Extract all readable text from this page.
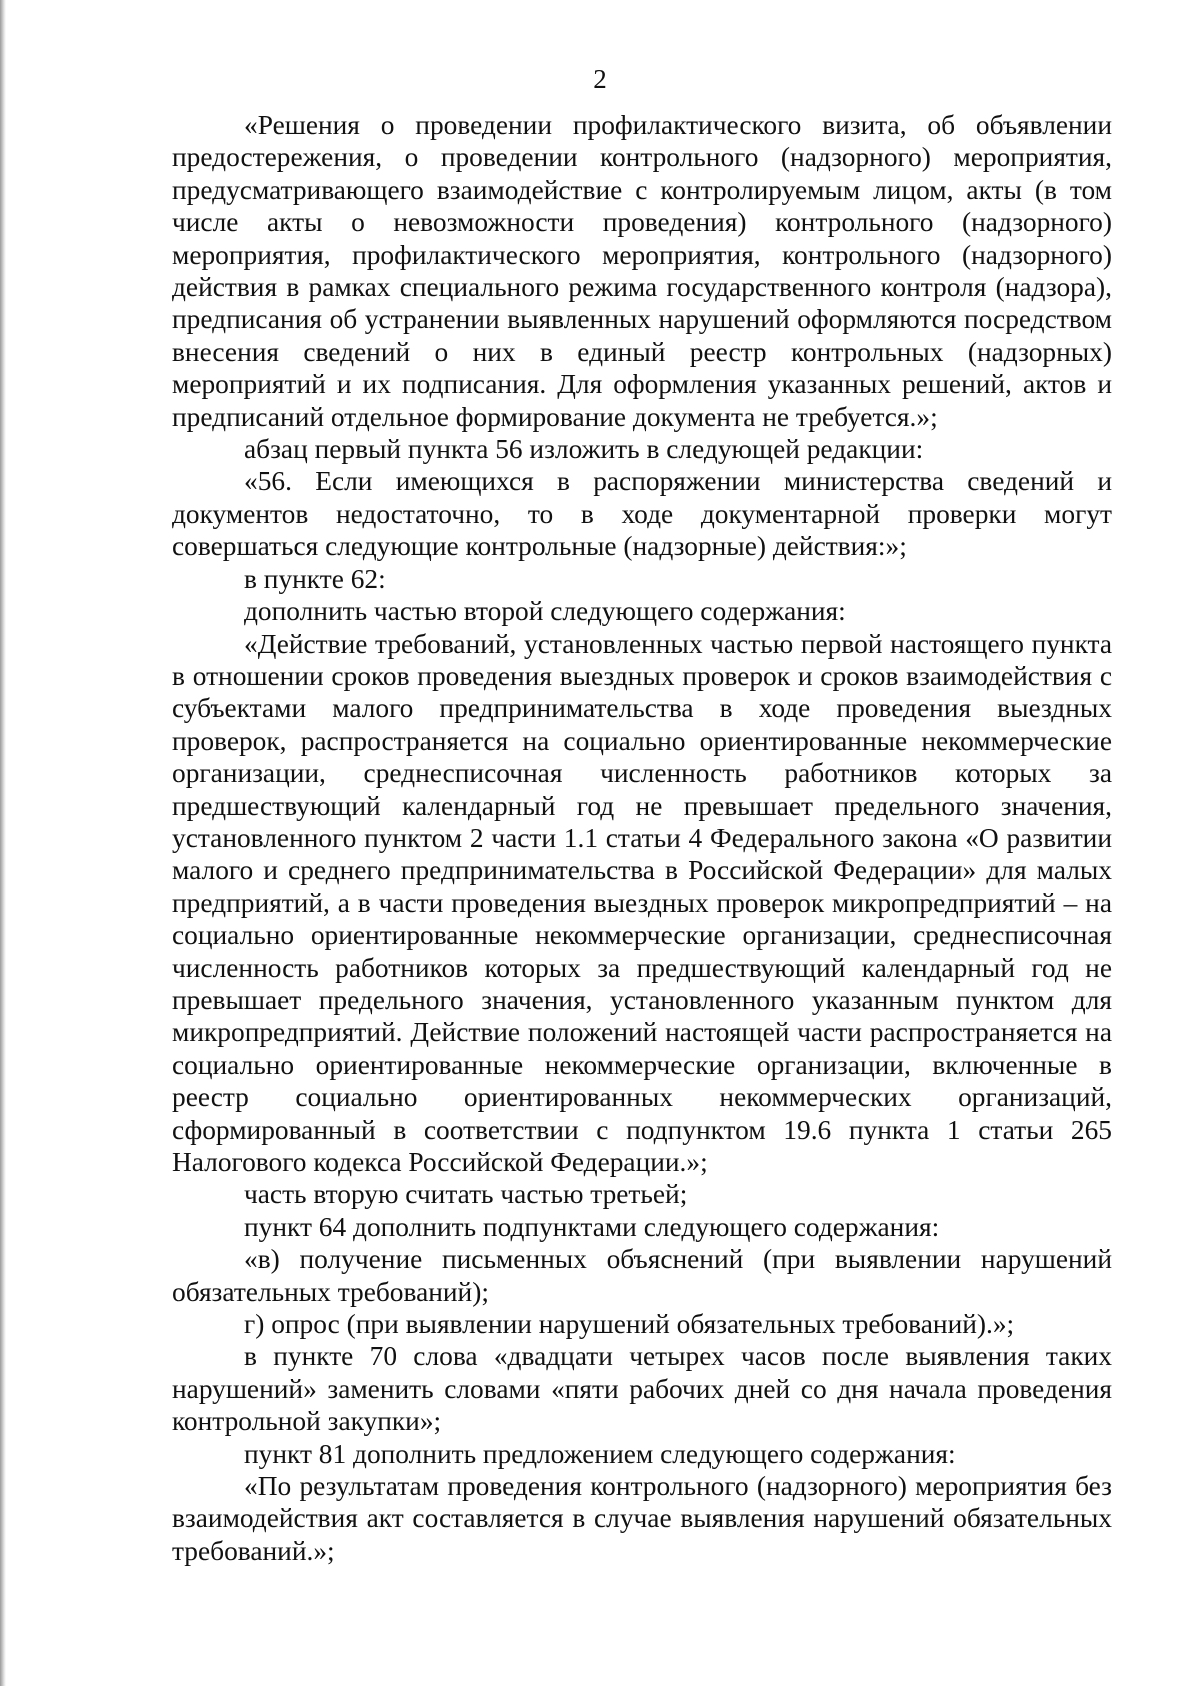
2

«Решения о проведении профилактического визита, об объявлении предостережения, о проведении контрольного (надзорного) мероприятия, предусматривающего взаимодействие с контролируемым лицом, акты (в том числе акты о невозможности проведения) контрольного (надзорного) мероприятия, профилактического мероприятия, контрольного (надзорного) действия в рамках специального режима государственного контроля (надзора), предписания об устранении выявленных нарушений оформляются посредством внесения сведений о них в единый реестр контрольных (надзорных) мероприятий и их подписания. Для оформления указанных решений, актов и предписаний отдельное формирование документа не требуется.»;

абзац первый пункта 56 изложить в следующей редакции:

«56. Если имеющихся в распоряжении министерства сведений и документов недостаточно, то в ходе документарной проверки могут совершаться следующие контрольные (надзорные) действия:»;

в пункте 62:

дополнить частью второй следующего содержания:

«Действие требований, установленных частью первой настоящего пункта в отношении сроков проведения выездных проверок и сроков взаимодействия с субъектами малого предпринимательства в ходе проведения выездных проверок, распространяется на социально ориентированные некоммерческие организации, среднесписочная численность работников которых за предшествующий календарный год не превышает предельного значения, установленного пунктом 2 части 1.1 статьи 4 Федерального закона «О развитии малого и среднего предпринимательства в Российской Федерации» для малых предприятий, а в части проведения выездных проверок микропредприятий – на социально ориентированные некоммерческие организации, среднесписочная численность работников которых за предшествующий календарный год не превышает предельного значения, установленного указанным пунктом для микропредприятий. Действие положений настоящей части распространяется на социально ориентированные некоммерческие организации, включенные в реестр социально ориентированных некоммерческих организаций, сформированный в соответствии с подпунктом 19.6 пункта 1 статьи 265 Налогового кодекса Российской Федерации.»;

часть вторую считать частью третьей;

пункт 64 дополнить подпунктами следующего содержания:

«в) получение письменных объяснений (при выявлении нарушений обязательных требований);

г) опрос (при выявлении нарушений обязательных требований).»;

в пункте 70 слова «двадцати четырех часов после выявления таких нарушений» заменить словами «пяти рабочих дней со дня начала проведения контрольной закупки»;

пункт 81 дополнить предложением следующего содержания:

«По результатам проведения контрольного (надзорного) мероприятия без взаимодействия акт составляется в случае выявления нарушений обязательных требований.»;
